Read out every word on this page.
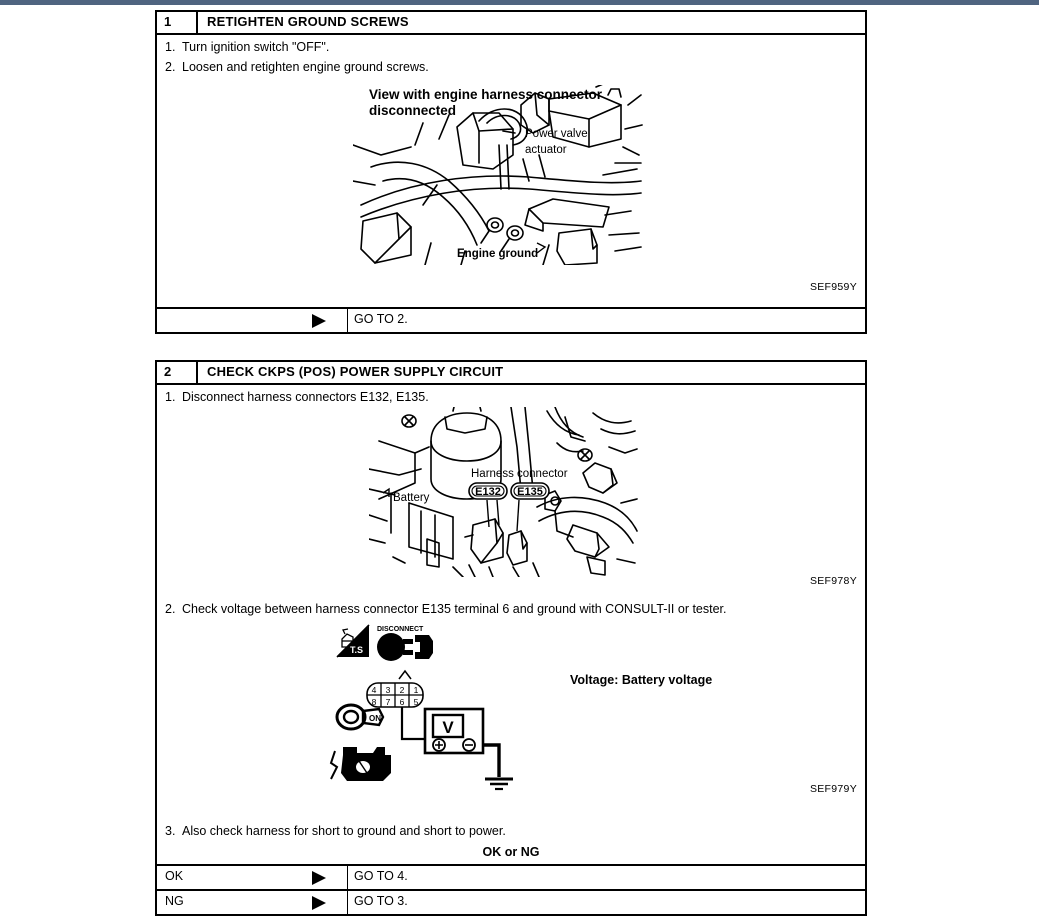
1	RETIGHTEN GROUND SCREWS
1. Turn ignition switch "OFF".
2. Loosen and retighten engine ground screws.
View with engine harness connector
disconnected
Power valve
actuator
Engine ground
SEF959Y
GO TO 2.
2	CHECK CKPS (POS) POWER SUPPLY CIRCUIT
1. Disconnect harness connectors E132, E135.
Harness connector
E132 E135
Battery
SEF978Y
2. Check voltage between harness connector E135 terminal 6 and ground with CONSULT-II or tester.
T.S
DISCONNECT
ON
4 3 2 1
8 7 6 5
V
Voltage: Battery voltage
SEF979Y
3. Also check harness for short to ground and short to power.
OK or NG
OK	GO TO 4.
NG	GO TO 3.
